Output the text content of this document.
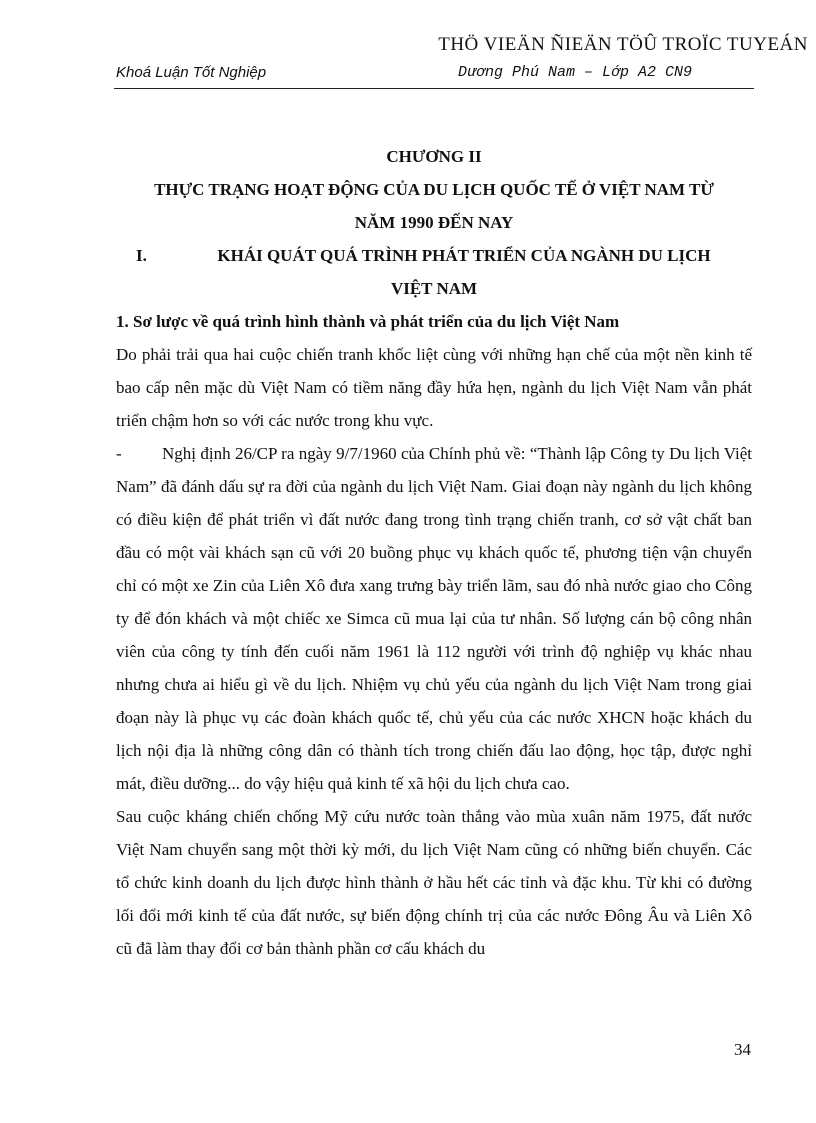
THÖ VIEÄN ÑIEÄN TÖÛ TROÏC TUYEÁN
Khoá Luận Tốt Nghiệp	Dương Phú Nam – Lớp A2 CN9

CHƯƠNG II

THỰC TRẠNG HOẠT ĐỘNG CỦA DU LỊCH QUỐC TẾ Ở VIỆT NAM TỪ

NĂM 1990 ĐẾN NAY

I.	KHÁI QUÁT QUÁ TRÌNH PHÁT TRIỂN CỦA NGÀNH DU LỊCH

VIỆT NAM

1. Sơ lược về quá trình hình thành và phát triển của du lịch Việt Nam

Do phải trải qua hai cuộc chiến tranh khốc liệt cùng với những hạn chế của một nền kinh tế bao cấp nên mặc dù Việt Nam có tiềm năng đầy hứa hẹn, ngành du lịch Việt Nam vẫn phát triển chậm hơn so với các nước trong khu vực.

- Nghị định 26/CP ra ngày 9/7/1960 của Chính phủ về: “Thành lập Công ty Du lịch Việt Nam” đã đánh dấu sự ra đời của ngành du lịch Việt Nam. Giai đoạn này ngành du lịch không có điều kiện để phát triển vì đất nước đang trong tình trạng chiến tranh, cơ sở vật chất ban đầu có một vài khách sạn cũ với 20 buồng phục vụ khách quốc tế, phương tiện vận chuyển chỉ có một xe Zin của Liên Xô đưa xang trưng bày triển lãm, sau đó nhà nước giao cho Công ty để đón khách và một chiếc xe Simca cũ mua lại của tư nhân. Số lượng cán bộ công nhân viên của công ty tính đến cuối năm 1961 là 112 người với trình độ nghiệp vụ khác nhau nhưng chưa ai hiểu gì về du lịch. Nhiệm vụ chủ yếu của ngành du lịch Việt Nam trong giai đoạn này là phục vụ các đoàn khách quốc tế, chủ yếu của các nước XHCN hoặc khách du lịch nội địa là những công dân có thành tích trong chiến đấu lao động, học tập, được nghỉ mát, điều dưỡng... do vậy hiệu quả kinh tế xã hội du lịch chưa cao.

Sau cuộc kháng chiến chống Mỹ cứu nước toàn thắng vào mùa xuân năm 1975, đất nước Việt Nam chuyển sang một thời kỳ mới, du lịch Việt Nam cũng có những biến chuyển. Các tổ chức kinh doanh du lịch được hình thành ở hầu hết các tỉnh và đặc khu. Từ khi có đường lối đổi mới kinh tế của đất nước, sự biến động chính trị của các nước Đông Âu và Liên Xô cũ đã làm thay đổi cơ bản thành phần cơ cấu khách du

34
